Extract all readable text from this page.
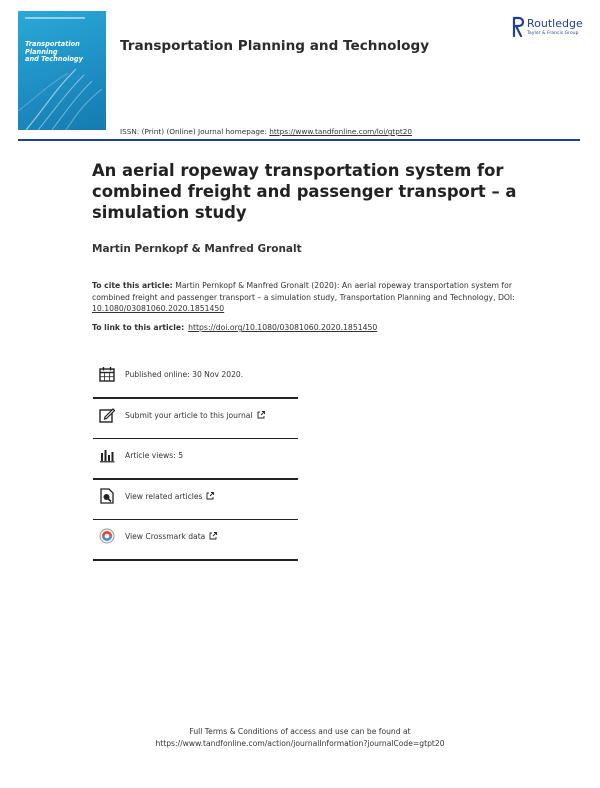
Transportation Planning
and Technology
Transportation Planning and Technology
Routledge
Taylor & Francis Group
ISSN: (Print) (Online) Journal homepage: https://www.tandfonline.com/loi/gtpt20
An aerial ropeway transportation system for combined freight and passenger transport – a simulation study
Martin Pernkopf & Manfred Gronalt
To cite this article: Martin Pernkopf & Manfred Gronalt (2020): An aerial ropeway transportation system for combined freight and passenger transport – a simulation study, Transportation Planning and Technology, DOI: 10.1080/03081060.2020.1851450
To link to this article: https://doi.org/10.1080/03081060.2020.1851450
Published online: 30 Nov 2020.
Submit your article to this journal
Article views: 5
View related articles
View Crossmark data
Full Terms & Conditions of access and use can be found at
https://www.tandfonline.com/action/journalInformation?journalCode=gtpt20
